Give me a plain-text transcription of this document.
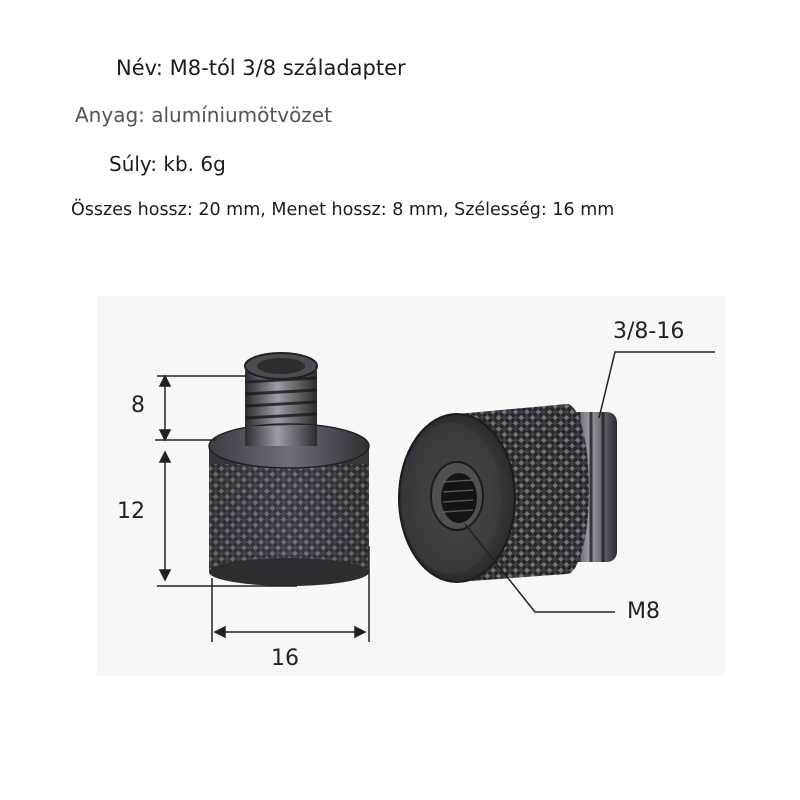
Név: M8-tól 3/8 száladapter
Anyag: alumíniumötvözet
Súly: kb. 6g
Összes hossz: 20 mm, Menet hossz: 8 mm, Szélesség: 16 mm
8
12
16
3/8-16
M8
